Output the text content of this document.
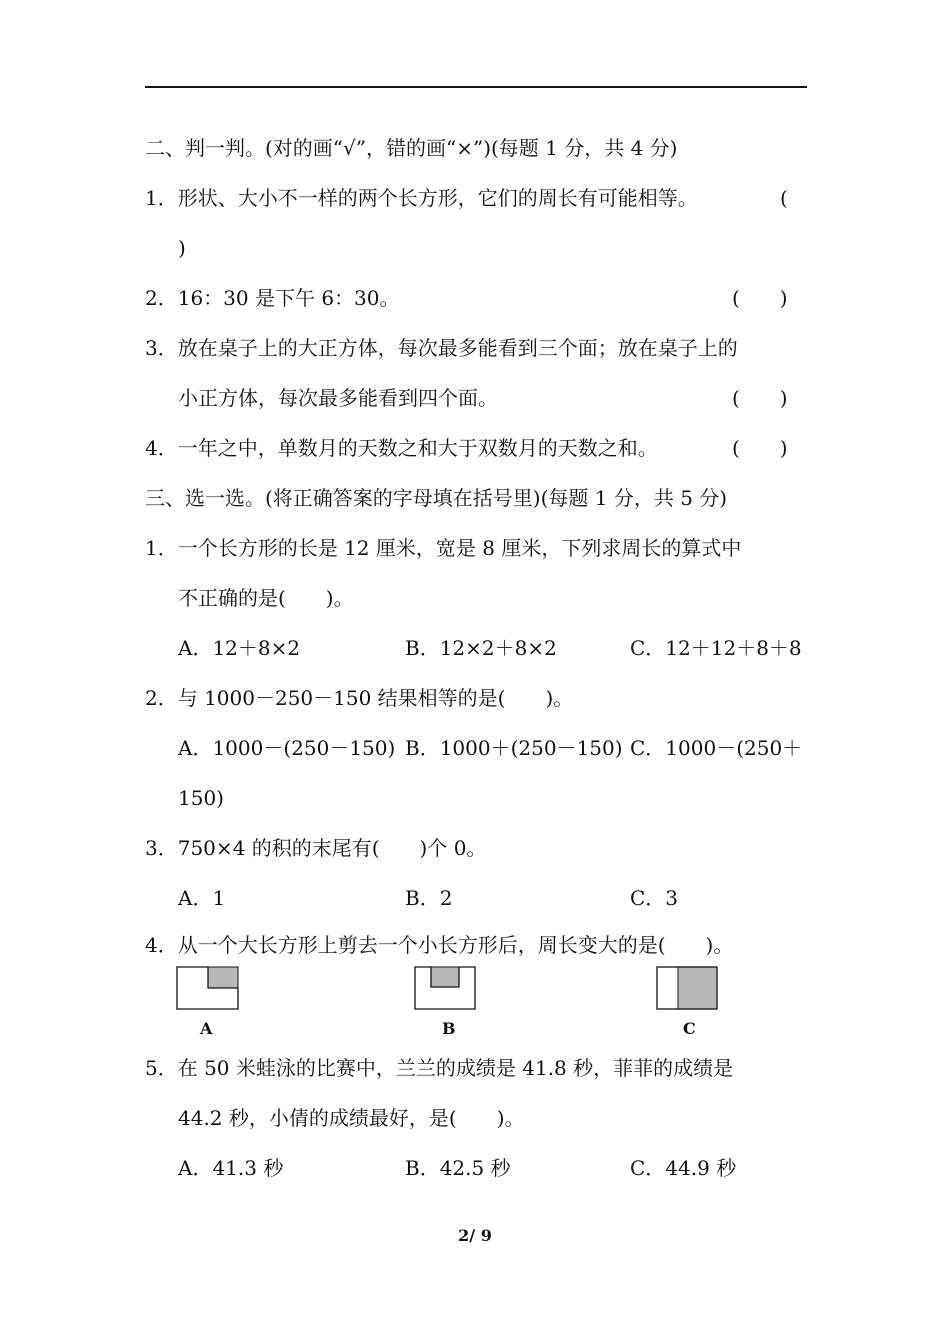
二、判一判。(对的画“√”，错的画“×”)(每题 1 分，共 4 分)
1．形状、大小不一样的两个长方形，它们的周长有可能相等。	(
)
2．16：30 是下午 6：30。	(　　)
3．放在桌子上的大正方体，每次最多能看到三个面；放在桌子上的
小正方体，每次最多能看到四个面。	(　　)
4．一年之中，单数月的天数之和大于双数月的天数之和。	(　　)
三、选一选。(将正确答案的字母填在括号里)(每题 1 分，共 5 分)
1．一个长方形的长是 12 厘米，宽是 8 厘米，下列求周长的算式中
不正确的是(　　)。
A．12＋8×2	B．12×2＋8×2	C．12＋12＋8＋8
2．与 1000－250－150 结果相等的是(　　)。
A．1000－(250－150) B．1000＋(250－150) C．1000－(250＋
150)
3．750×4 的积的末尾有(　　)个 0。
A．1	B．2	C．3
4．从一个大长方形上剪去一个小长方形后，周长变大的是(　　)。
A	B	C
5．在 50 米蛙泳的比赛中，兰兰的成绩是 41.8 秒，菲菲的成绩是
44.2 秒，小倩的成绩最好，是(　　)。
A．41.3 秒	B．42.5 秒	C．44.9 秒
2/ 9
